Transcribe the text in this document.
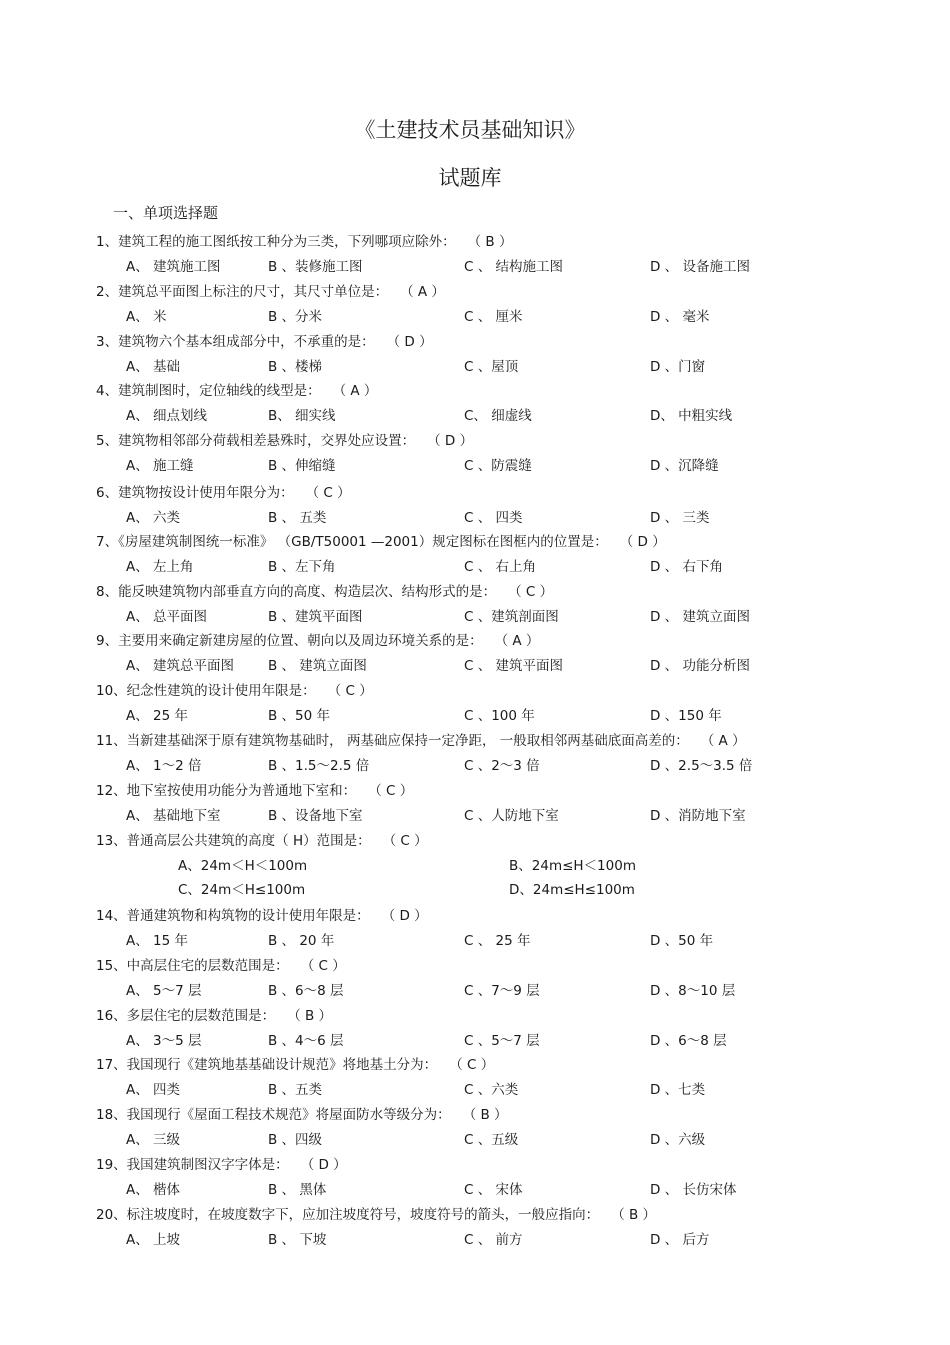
《土建技术员基础知识》
试题库
一、单项选择题
1、建筑工程的施工图纸按工种分为三类，下列哪项应除外： （ B ）
A、 建筑施工图	B 、装修施工图	C 、 结构施工图	D 、 设备施工图
2、建筑总平面图上标注的尺寸，其尺寸单位是： （ A ）
A、 米	B 、分米	C 、 厘米	D 、 毫米
3、建筑物六个基本组成部分中，不承重的是： （ D ）
A、 基础	B 、楼梯	C 、屋顶	D 、门窗
4、建筑制图时，定位轴线的线型是： （ A ）
A、 细点划线	B、 细实线	C、 细虚线	D、 中粗实线
5、建筑物相邻部分荷载相差悬殊时，交界处应设置： （ D ）
A、 施工缝	B 、伸缩缝	C 、防震缝	D 、沉降缝
6、建筑物按设计使用年限分为： （ C ）
A、 六类	B 、 五类	C 、 四类	D 、 三类
7、《房屋建筑制图统一标准》 （GB/T50001 —2001）规定图标在图框内的位置是： （ D ）
A、 左上角	B 、左下角	C 、 右上角	D 、 右下角
8、能反映建筑物内部垂直方向的高度、构造层次、结构形式的是： （ C ）
A、 总平面图	B 、建筑平面图	C 、建筑剖面图	D 、 建筑立面图
9、主要用来确定新建房屋的位置、朝向以及周边环境关系的是： （ A ）
A、 建筑总平面图	B 、 建筑立面图	C 、 建筑平面图	D 、 功能分析图
10、纪念性建筑的设计使用年限是： （ C ）
A、 25 年	B 、50 年	C 、100 年	D 、150 年
11、当新建基础深于原有建筑物基础时， 两基础应保持一定净距， 一般取相邻两基础底面高差的： （ A ）
A、 1～2 倍	B 、1.5～2.5 倍	C 、2～3 倍	D 、2.5～3.5 倍
12、地下室按使用功能分为普通地下室和： （ C ）
A、 基础地下室	B 、设备地下室	C 、人防地下室	D 、消防地下室
13、普通高层公共建筑的高度（ H）范围是： （ C ）
A、24m＜H＜100m	B、24m≤H＜100m
C、24m＜H≤100m	D、24m≤H≤100m
14、普通建筑物和构筑物的设计使用年限是： （ D ）
A、 15 年	B 、 20 年	C 、 25 年	D 、50 年
15、中高层住宅的层数范围是： （ C ）
A、 5～7 层	B 、6～8 层	C 、7～9 层	D 、8～10 层
16、多层住宅的层数范围是： （ B ）
A、 3～5 层	B 、4～6 层	C 、5～7 层	D 、6～8 层
17、我国现行《建筑地基基础设计规范》将地基土分为： （ C ）
A、 四类	B 、五类	C 、六类	D 、七类
18、我国现行《屋面工程技术规范》将屋面防水等级分为： （ B ）
A、 三级	B 、四级	C 、五级	D 、六级
19、我国建筑制图汉字字体是： （ D ）
A、 楷体	B 、 黑体	C 、 宋体	D 、 长仿宋体
20、标注坡度时，在坡度数字下，应加注坡度符号，坡度符号的箭头，一般应指向： （ B ）
A、 上坡	B 、 下坡	C 、 前方	D 、 后方
